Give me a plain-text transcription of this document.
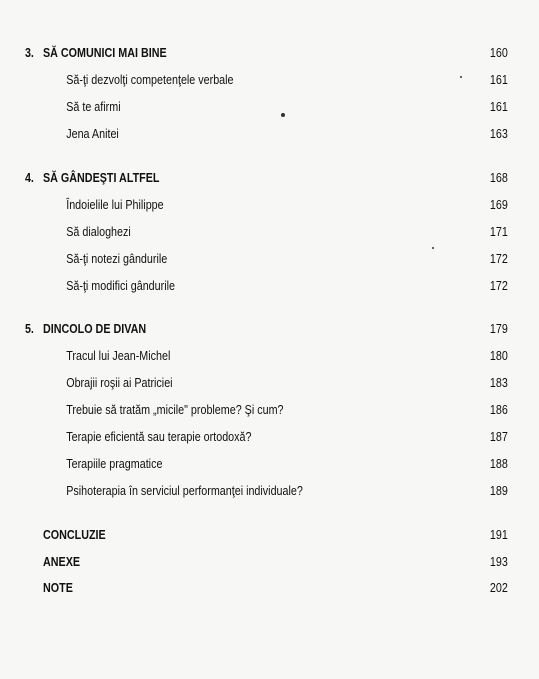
3. SĂ COMUNICI MAI BINE	160
Să-ţi dezvolţi competenţele verbale	161
Să te afirmi	161
Jena Anitei	163
4. SĂ GÂNDEŞTI ALTFEL	168
Îndoielile lui Philippe	169
Să dialoghezi	171
Să-ţi notezi gândurile	172
Să-ţi modifici gândurile	172
5. DINCOLO DE DIVAN	179
Tracul lui Jean-Michel	180
Obrajii roşii ai Patriciei	183
Trebuie să tratăm „micile" probleme? Şi cum?	186
Terapie eficientă sau terapie ortodoxă?	187
Terapiile pragmatice	188
Psihoterapia în serviciul performanţei individuale?	189
CONCLUZIE	191
ANEXE	193
NOTE	202
